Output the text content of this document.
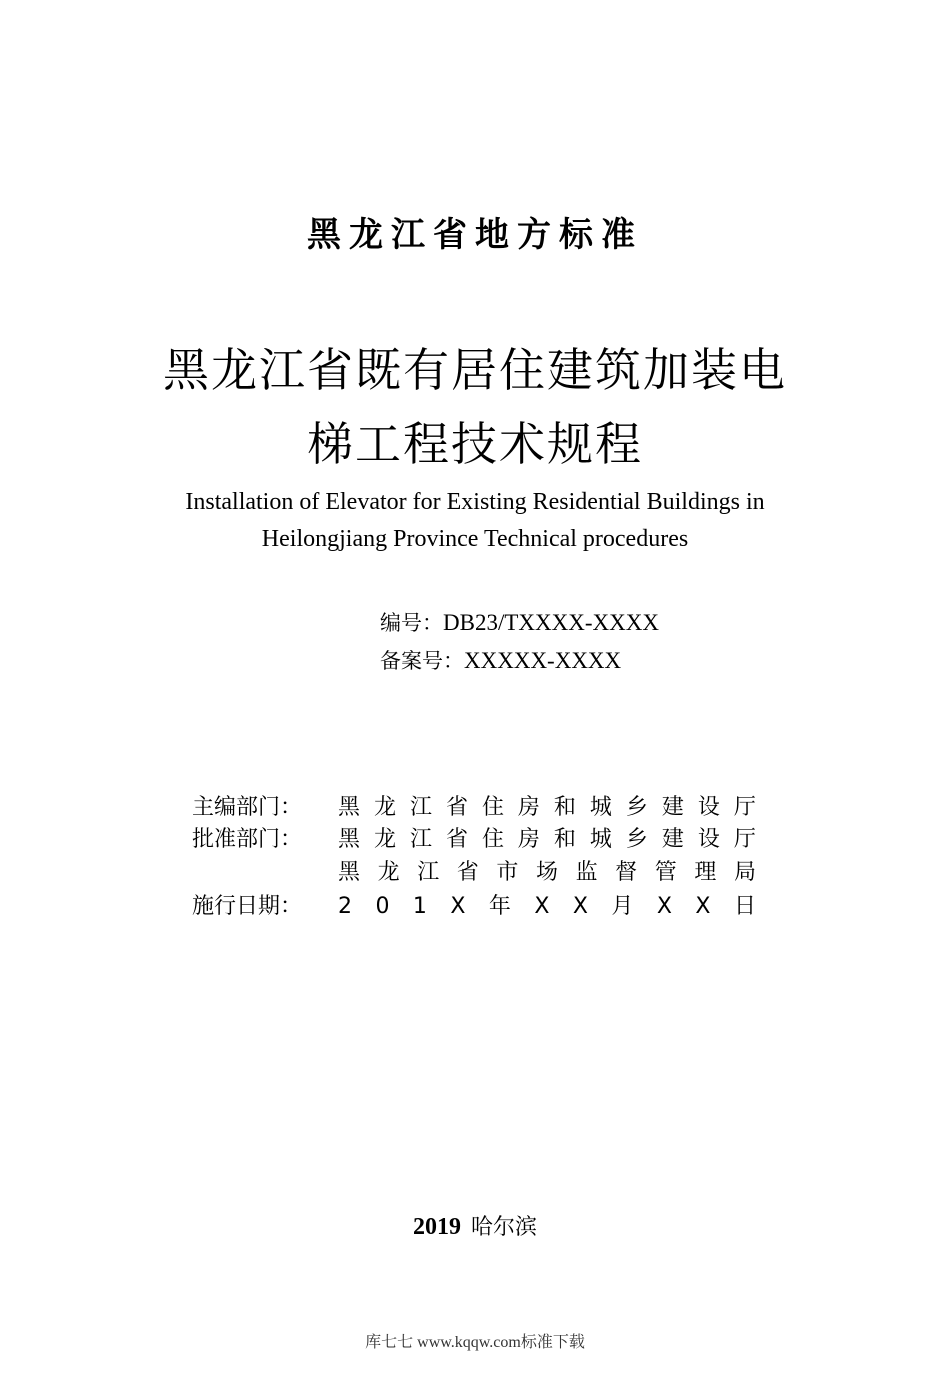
黑龙江省地方标准
黑龙江省既有居住建筑加装电
梯工程技术规程
Installation of Elevator for Existing Residential Buildings in
Heilongjiang Province Technical procedures
编号：DB23/TXXXX-XXXX
备案号：XXXXX-XXXX
主编部门： 黑 龙 江 省 住 房 和 城 乡 建 设 厅
批准部门： 黑 龙 江 省 住 房 和 城 乡 建 设 厅
黑 龙 江 省 市 场 监 督 管 理 局
施行日期： 2 0 1 X 年 X X 月 X X 日
2019 哈尔滨
库七七 www.kqqw.com标准下载
